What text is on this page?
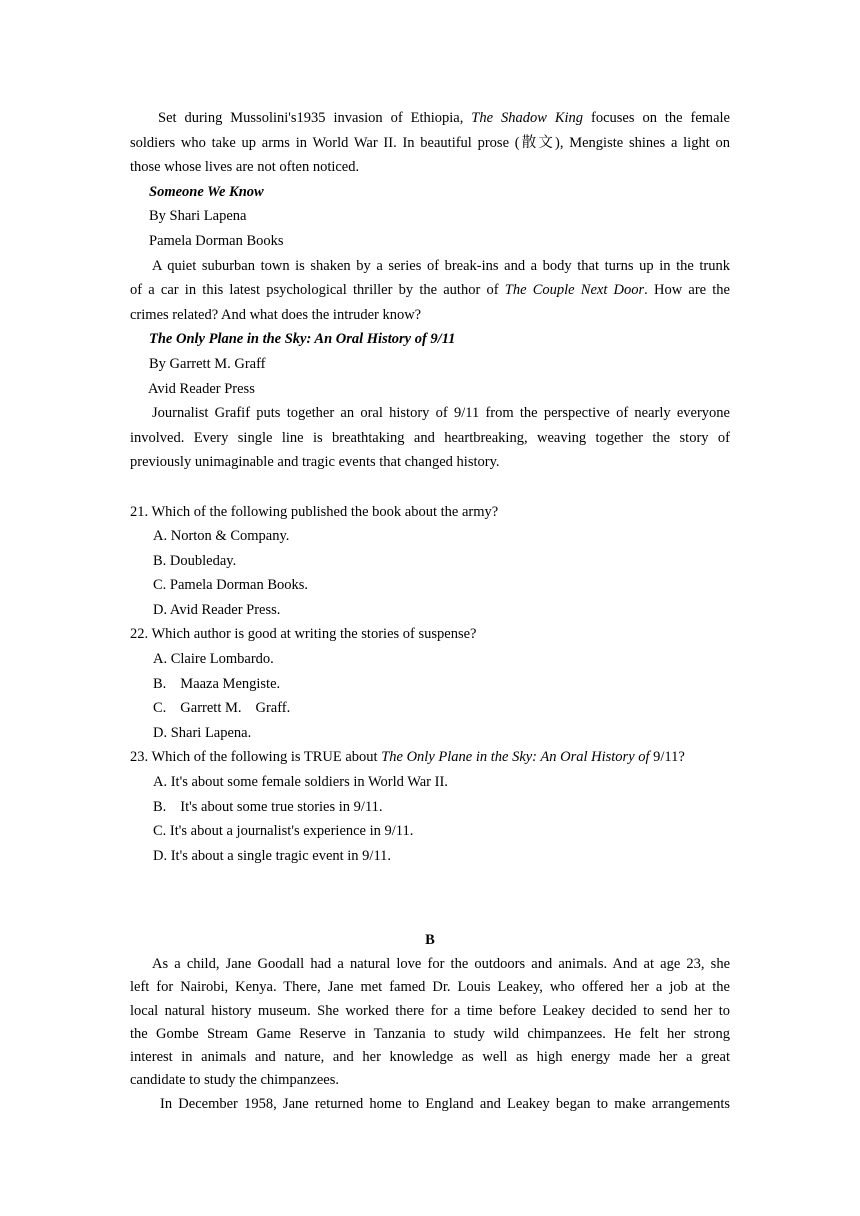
Set during Mussolini's1935 invasion of Ethiopia, The Shadow King focuses on the female
soldiers who take up arms in World War II. In beautiful prose (散文), Mengiste shines a light on
those whose lives are not often noticed.
Someone We Know
By Shari Lapena
Pamela Dorman Books
A quiet suburban town is shaken by a series of break-ins and a body that turns up in the trunk
of a car in this latest psychological thriller by the author of The Couple Next Door. How are the
crimes related? And what does the intruder know?
The Only Plane in the Sky: An Oral History of 9/11
By Garrett M. Graff
Avid Reader Press
Journalist Grafif puts together an oral history of 9/11 from the perspective of nearly everyone
involved. Every single line is breathtaking and heartbreaking, weaving together the story of
previously unimaginable and tragic events that changed history.
21. Which of the following published the book about the army?
A. Norton & Company.
B. Doubleday.
C. Pamela Dorman Books.
D. Avid Reader Press.
22. Which author is good at writing the stories of suspense?
A. Claire Lombardo.
B. Maaza Mengiste.
C. Garrett M. Graff.
D. Shari Lapena.
23. Which of the following is TRUE about The Only Plane in the Sky: An Oral History of 9/11?
A. It's about some female soldiers in World War II.
B. It's about some true stories in 9/11.
C. It's about a journalist's experience in 9/11.
D. It's about a single tragic event in 9/11.
B
As a child, Jane Goodall had a natural love for the outdoors and animals. And at age 23, she
left for Nairobi, Kenya. There, Jane met famed Dr. Louis Leakey, who offered her a job at the
local natural history museum. She worked there for a time before Leakey decided to send her to
the Gombe Stream Game Reserve in Tanzania to study wild chimpanzees. He felt her strong
interest in animals and nature, and her knowledge as well as high energy made her a great
candidate to study the chimpanzees.
In December 1958, Jane returned home to England and Leakey began to make arrangements
